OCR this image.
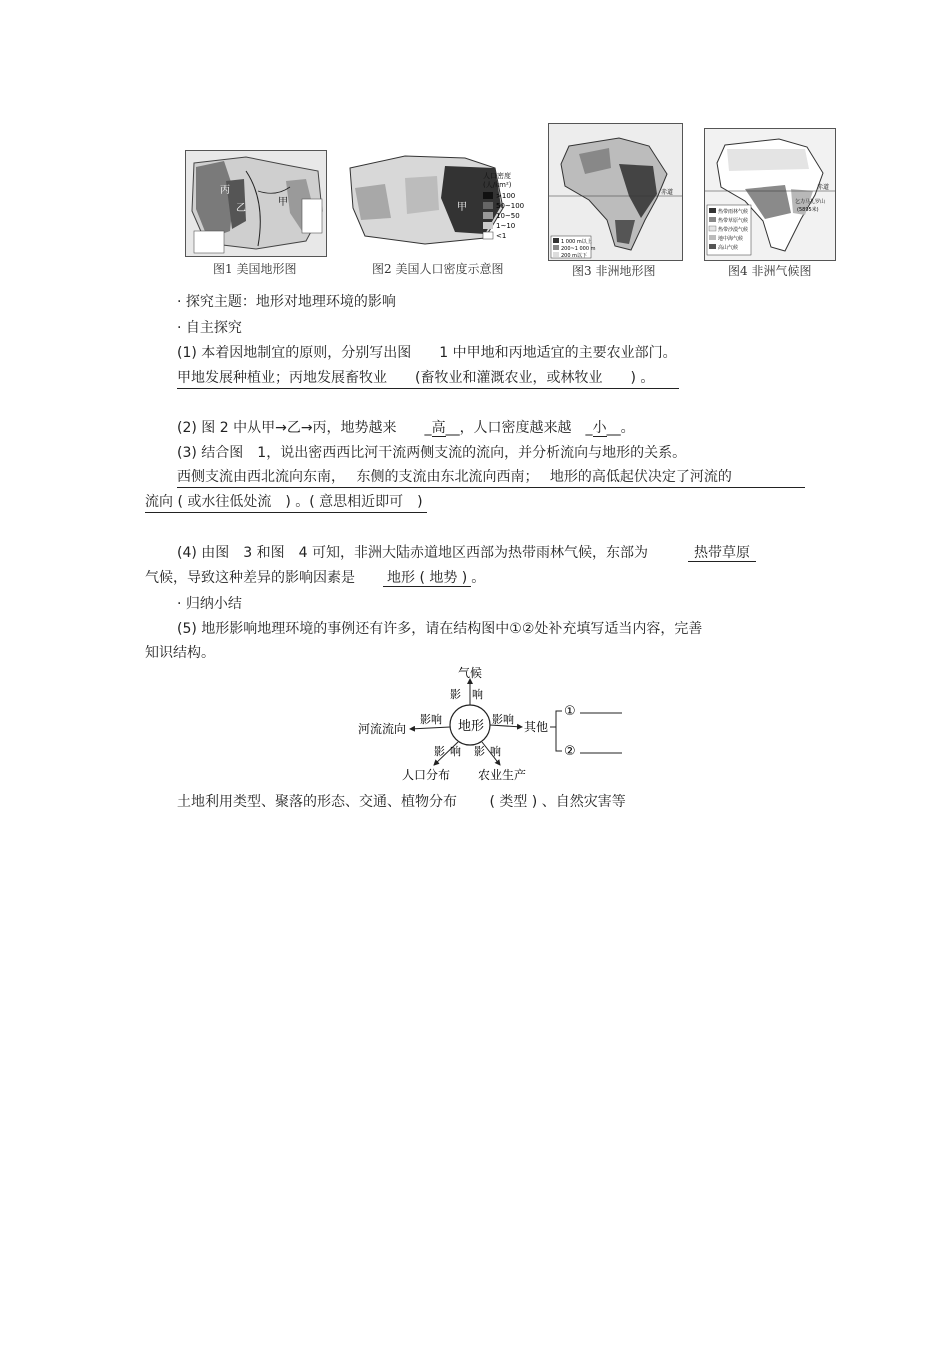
丙
乙
甲
图1 美国地形图
甲
人口密度
(人/km²)
>100
50~100
10~50
1~10
<1
图2 美国人口密度示意图
赤道
1 000 m以上
200~1 000 m
200 m以下
图3 非洲地形图
赤道
乞力马扎罗山
(5895米)
热带雨林气候
热带草原气候
热带沙漠气候
地中海气候
高山气候
图4 非洲气候图
· 探究主题：地形对地理环境的影响
· 自主探究
(1) 本着因地制宜的原则，分别写出图　　1 中甲地和丙地适宜的主要农业部门。
甲地发展种植业；丙地发展畜牧业　　(畜牧业和灌溉农业，或林牧业　　) 。
(2) 图 2 中从甲→乙→丙，地势越来　　_高__，人口密度越来越　_小__。
(3) 结合图　1，说出密西西比河干流两侧支流的流向，并分析流向与地形的关系。
西侧支流由西北流向东南，　 东侧的支流由东北流向西南；　 地形的高低起伏决定了河流的
流向 ( 或水往低处流　) 。( 意思相近即可　)
(4) 由图　3 和图　4 可知，非洲大陆赤道地区西部为热带雨林气候，东部为	热带草原
气候，导致这种差异的影响因素是 地形 ( 地势 ) 。
· 归纳小结
(5) 地形影响地理环境的事例还有许多，请在结构图中①②处补充填写适当内容，完善
知识结构。
地形
气候
影 响
河流流向
影响
其他
影响
人口分布
影 响
农业生产
影 响
①
②
土地利用类型、聚落的形态、交通、植物分布　　 ( 类型 ) 、自然灾害等
